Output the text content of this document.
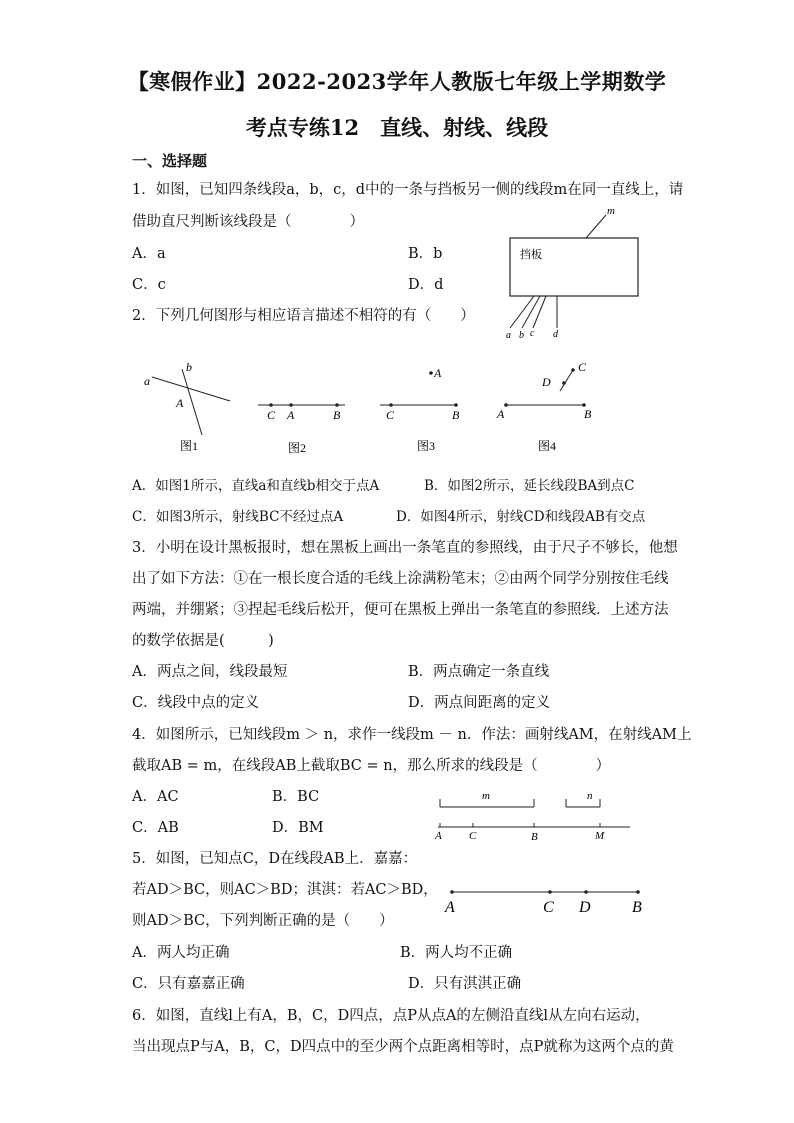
【寒假作业】2022-2023学年人教版七年级上学期数学
考点专练12　直线、射线、线段
一、选择题
1．如图，已知四条线段a，b，c，d中的一条与挡板另一侧的线段m在同一直线上，请
借助直尺判断该线段是（　　　　）
A．a	B．b
C．c	D．d
挡板
m
a b c d
2．下列几何图形与相应语言描述不相符的有（　　）
a
b
A
图1
C A	B
图2
A
C	B
图3
C
D
A	B
图4
A．如图1所示，直线a和直线b相交于点A	B．如图2所示，延长线段BA到点C
C．如图3所示，射线BC不经过点A	D．如图4所示，射线CD和线段AB有交点
3．小明在设计黑板报时，想在黑板上画出一条笔直的参照线，由于尺子不够长，他想
出了如下方法：①在一根长度合适的毛线上涂满粉笔末；②由两个同学分别按住毛线
两端，并绷紧；③捏起毛线后松开，便可在黑板上弹出一条笔直的参照线．上述方法
的数学依据是(　　　)
A．两点之间，线段最短	B．两点确定一条直线
C．线段中点的定义	D．两点间距离的定义
4．如图所示，已知线段m ＞ n，求作一线段m － n．作法：画射线AM，在射线AM上
截取AB = m，在线段AB上截取BC = n，那么所求的线段是（　　　　）
A．AC	B．BC
C．AB	D．BM
m	n
A C	B	M
5．如图，已知点C，D在线段AB上．嘉嘉：
若AD＞BC，则AC＞BD；淇淇：若AC＞BD，
则AD＞BC，下列判断正确的是（　　）
A	C D	B
A．两人均正确	B．两人均不正确
C．只有嘉嘉正确	D．只有淇淇正确
6．如图，直线l上有A，B，C，D四点，点P从点A的左侧沿直线l从左向右运动，
当出现点P与A，B，C，D四点中的至少两个点距离相等时，点P就称为这两个点的黄
